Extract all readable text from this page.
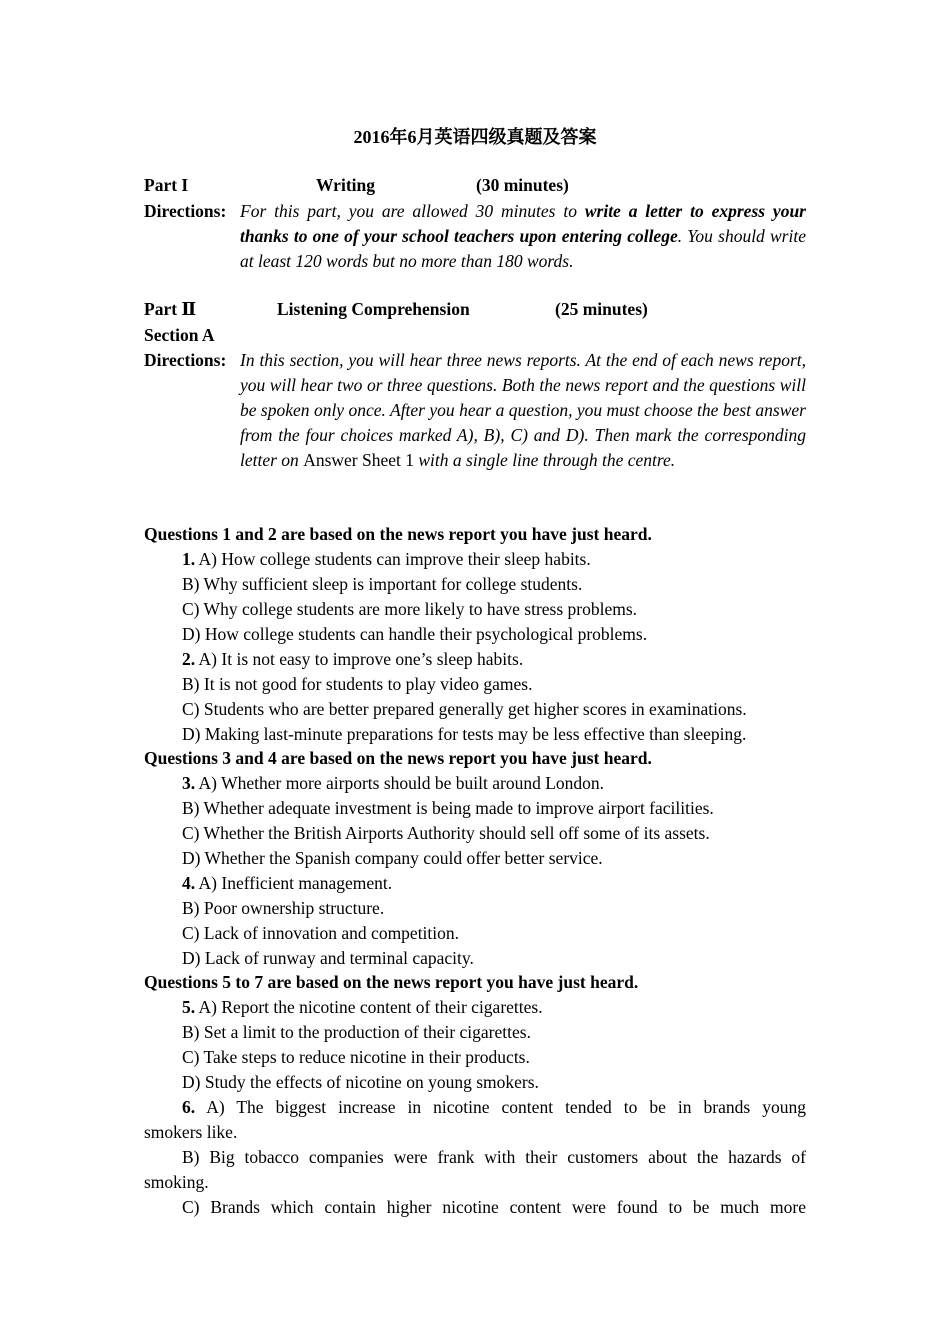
2016年6月英语四级真题及答案
Part I	Writing	(30 minutes)
Directions: For this part, you are allowed 30 minutes to write a letter to express your thanks to one of your school teachers upon entering college. You should write at least 120 words but no more than 180 words.
Part Ⅱ	Listening Comprehension	(25 minutes)
Section A
Directions: In this section, you will hear three news reports. At the end of each news report, you will hear two or three questions. Both the news report and the questions will be spoken only once. After you hear a question, you must choose the best answer from the four choices marked A), B), C) and D). Then mark the corresponding letter on Answer Sheet 1 with a single line through the centre.
Questions 1 and 2 are based on the news report you have just heard.
1. A) How college students can improve their sleep habits.
B) Why sufficient sleep is important for college students.
C) Why college students are more likely to have stress problems.
D) How college students can handle their psychological problems.
2. A) It is not easy to improve one’s sleep habits.
B) It is not good for students to play video games.
C) Students who are better prepared generally get higher scores in examinations.
D) Making last-minute preparations for tests may be less effective than sleeping.
Questions 3 and 4 are based on the news report you have just heard.
3. A) Whether more airports should be built around London.
B) Whether adequate investment is being made to improve airport facilities.
C) Whether the British Airports Authority should sell off some of its assets.
D) Whether the Spanish company could offer better service.
4. A) Inefficient management.
B) Poor ownership structure.
C) Lack of innovation and competition.
D) Lack of runway and terminal capacity.
Questions 5 to 7 are based on the news report you have just heard.
5. A) Report the nicotine content of their cigarettes.
B) Set a limit to the production of their cigarettes.
C) Take steps to reduce nicotine in their products.
D) Study the effects of nicotine on young smokers.
6. A) The biggest increase in nicotine content tended to be in brands young
smokers like.
B) Big tobacco companies were frank with their customers about the hazards of
smoking.
C) Brands which contain higher nicotine content were found to be much more
